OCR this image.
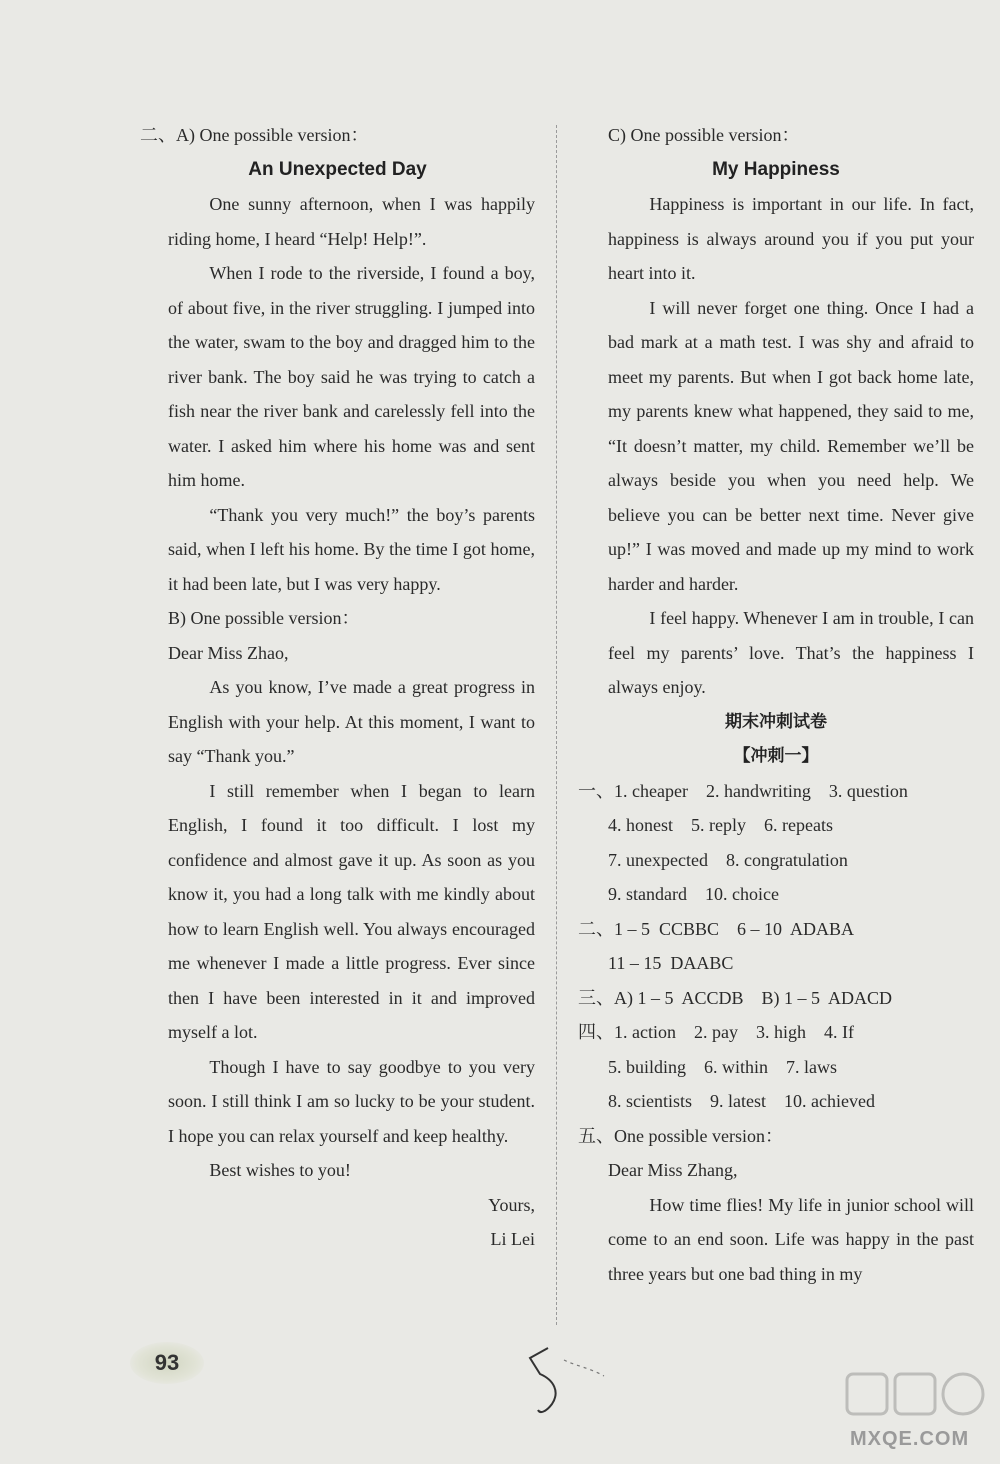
二、A) One possible version：

An Unexpected Day

One sunny afternoon, when I was happily riding home, I heard “Help! Help!”.

When I rode to the riverside, I found a boy, of about five, in the river struggling. I jumped into the water, swam to the boy and dragged him to the river bank. The boy said he was trying to catch a fish near the river bank and carelessly fell into the water. I asked him where his home was and sent him home.

“Thank you very much!” the boy’s parents said, when I left his home. By the time I got home, it had been late, but I was very happy.

B) One possible version：

Dear Miss Zhao,

As you know, I’ve made a great progress in English with your help. At this moment, I want to say “Thank you.”

I still remember when I began to learn English, I found it too difficult. I lost my confidence and almost gave it up. As soon as you know it, you had a long talk with me kindly about how to learn English well. You always encouraged me whenever I made a little progress. Ever since then I have been interested in it and improved myself a lot.

Though I have to say goodbye to you very soon. I still think I am so lucky to be your student. I hope you can relax yourself and keep healthy.

Best wishes to you!

Yours,

Li Lei

C) One possible version：

My Happiness

Happiness is important in our life. In fact, happiness is always around you if you put your heart into it.

I will never forget one thing. Once I had a bad mark at a math test. I was shy and afraid to meet my parents. But when I got back home late, my parents knew what happened, they said to me, “It doesn’t matter, my child. Remember we’ll be always beside you when you need help. We believe you can be better next time. Never give up!” I was moved and made up my mind to work harder and harder.

I feel happy. Whenever I am in trouble, I can feel my parents’ love. That’s the happiness I always enjoy.

期末冲刺试卷

【冲刺一】

一、1. cheaper    2. handwriting    3. question

4. honest    5. reply    6. repeats

7. unexpected    8. congratulation

9. standard    10. choice

二、1 – 5  CCBBC    6 – 10  ADABA

11 – 15  DAABC

三、A) 1 – 5  ACCDB    B) 1 – 5  ADACD

四、1. action    2. pay    3. high    4. If

5. building    6. within    7. laws

8. scientists    9. latest    10. achieved

五、One possible version：

Dear Miss Zhang,

How time flies! My life in junior school will come to an end soon. Life was happy in the past three years but one bad thing in my

93
MXQE.COM
